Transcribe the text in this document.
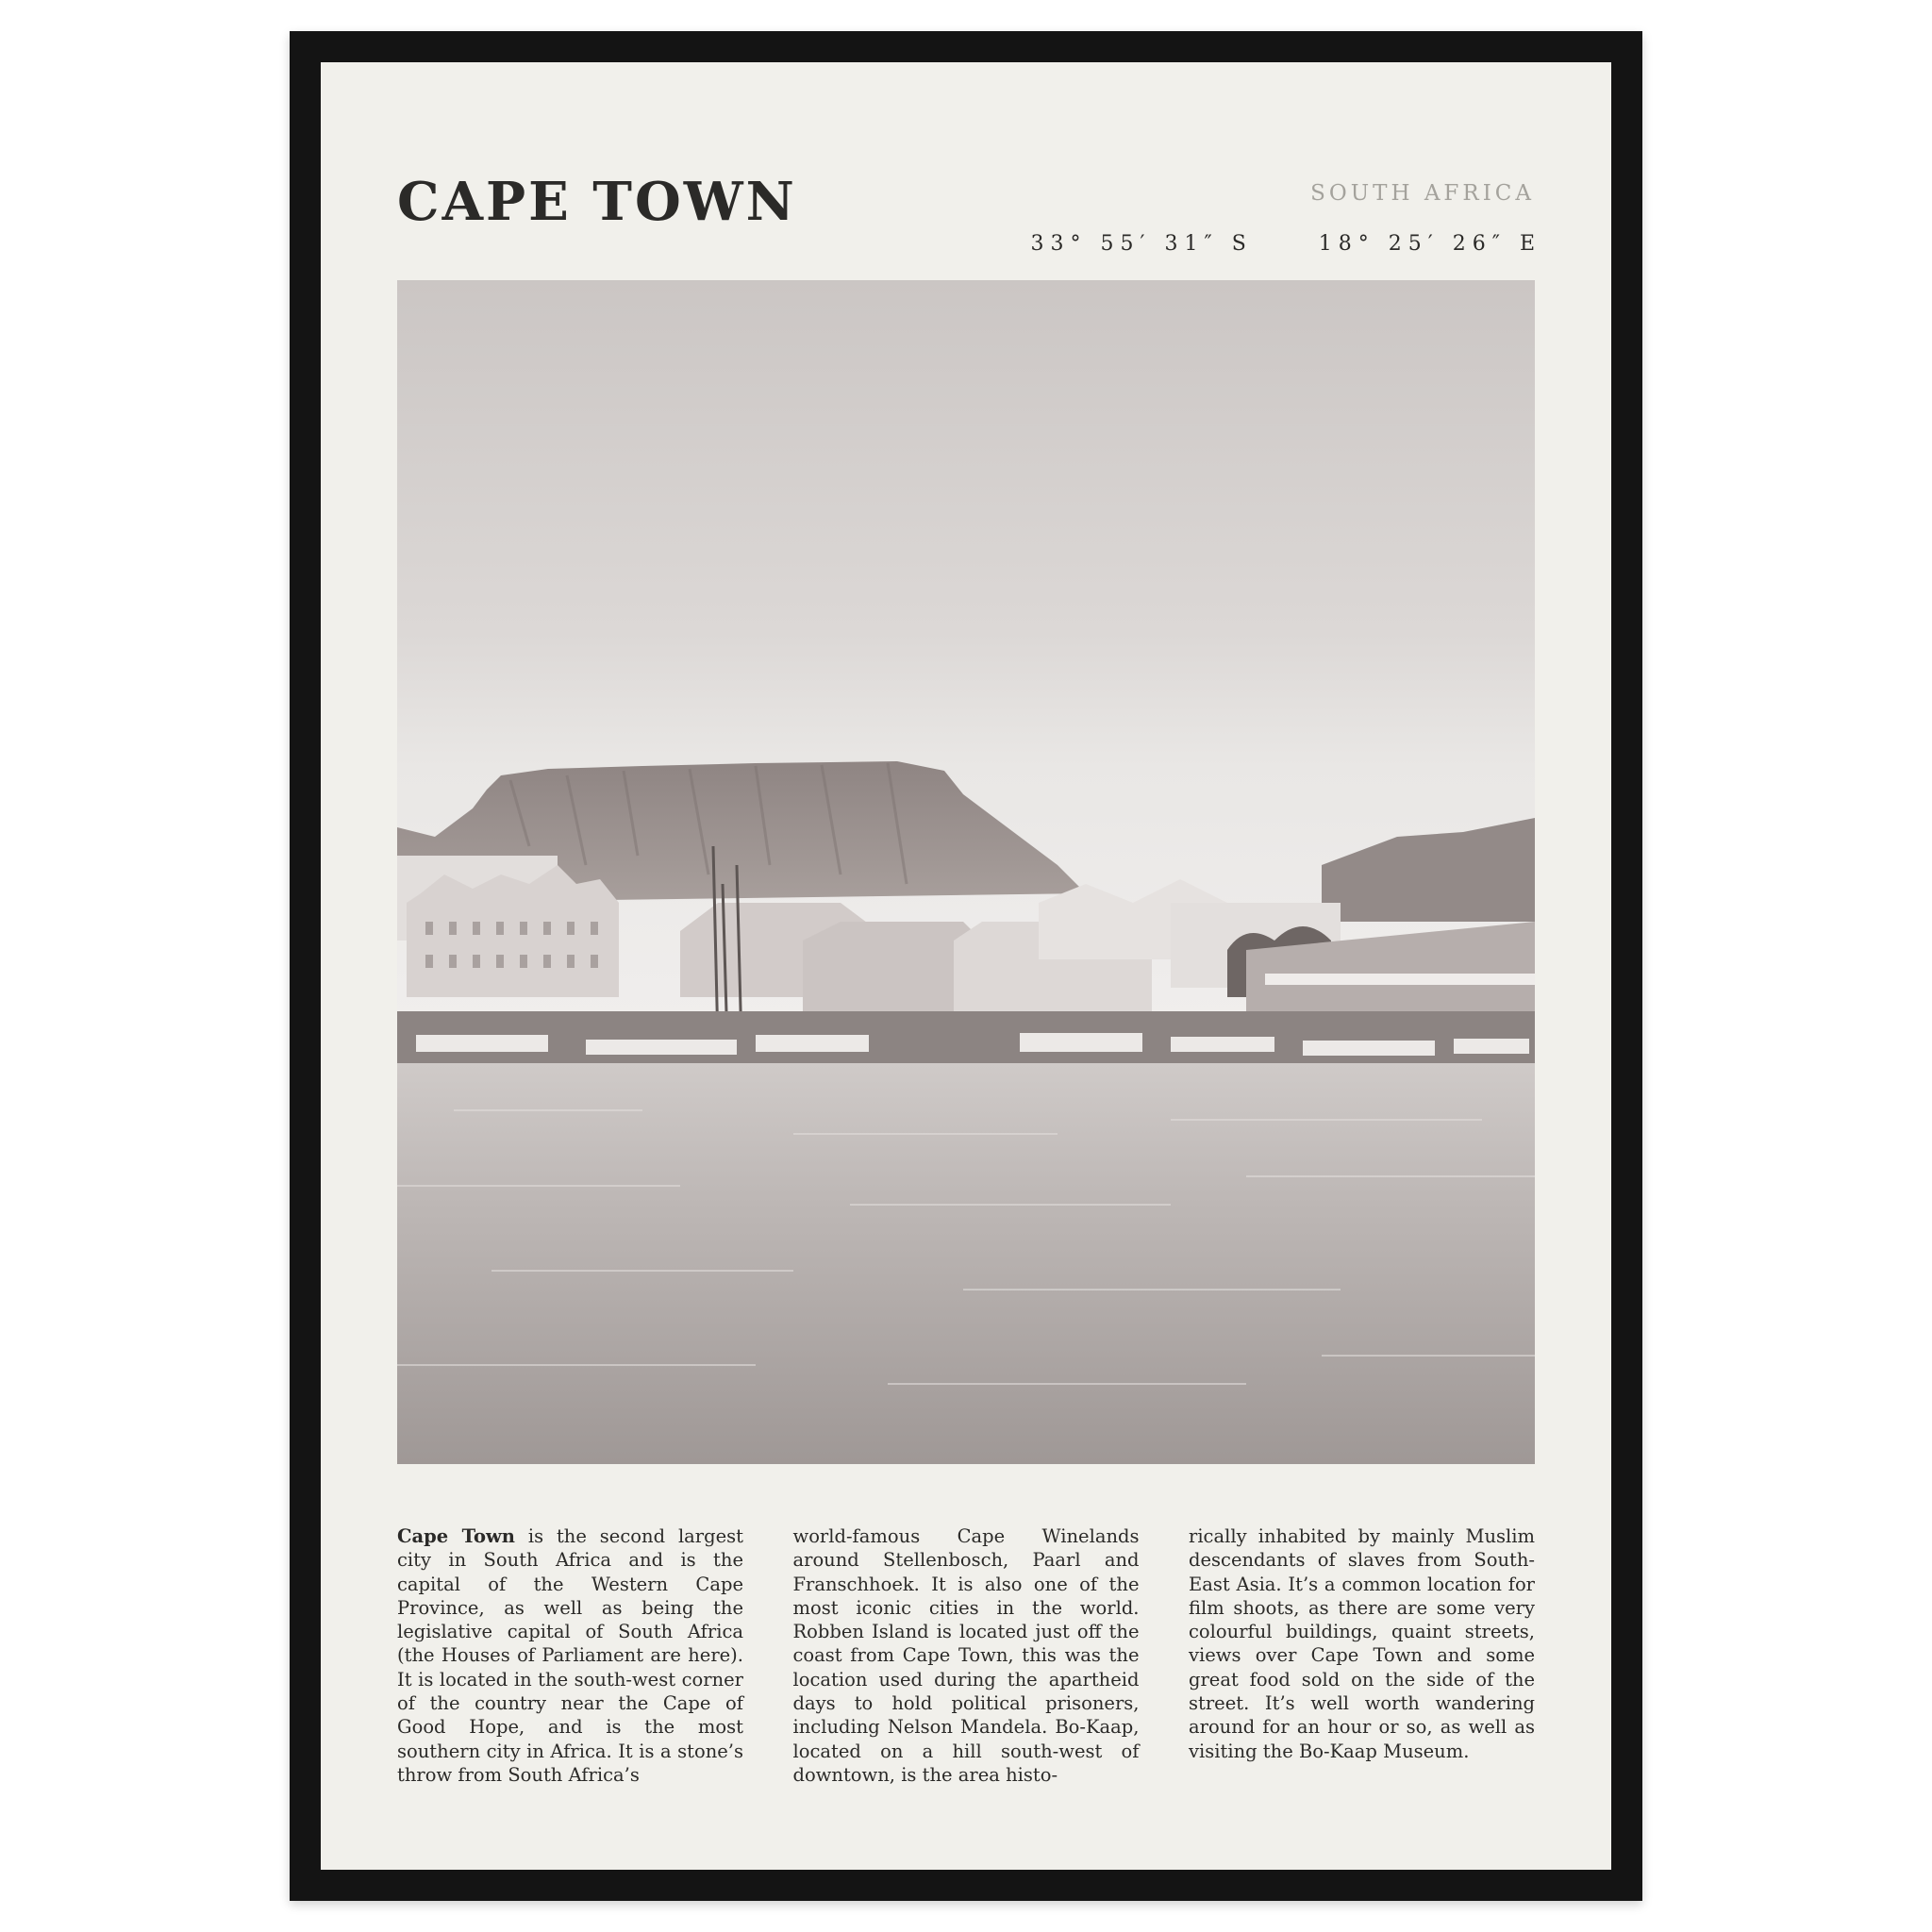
CAPE TOWN	SOUTH AFRICA
33° 55′ 31″ S	18° 25′ 26″ E

Cape Town is the second largest city in South Africa and is the capital of the Western Cape Province, as well as being the legislative capital of South Africa (the Houses of Parliament are here). It is located in the south-west corner of the country near the Cape of Good Hope, and is the most southern city in Africa. It is a stone’s throw from South Africa’s

world-famous Cape Winelands around Stellenbosch, Paarl and Franschhoek. It is also one of the most iconic cities in the world. Robben Island is located just off the coast from Cape Town, this was the location used during the apartheid days to hold political prisoners, including Nelson Mandela. Bo-Kaap, located on a hill south-west of downtown, is the area histo-

rically inhabited by mainly Muslim descendants of slaves from South-East Asia. It’s a common location for film shoots, as there are some very colourful buildings, quaint streets, views over Cape Town and some great food sold on the side of the street. It’s well worth wandering around for an hour or so, as well as visiting the Bo-Kaap Museum.
